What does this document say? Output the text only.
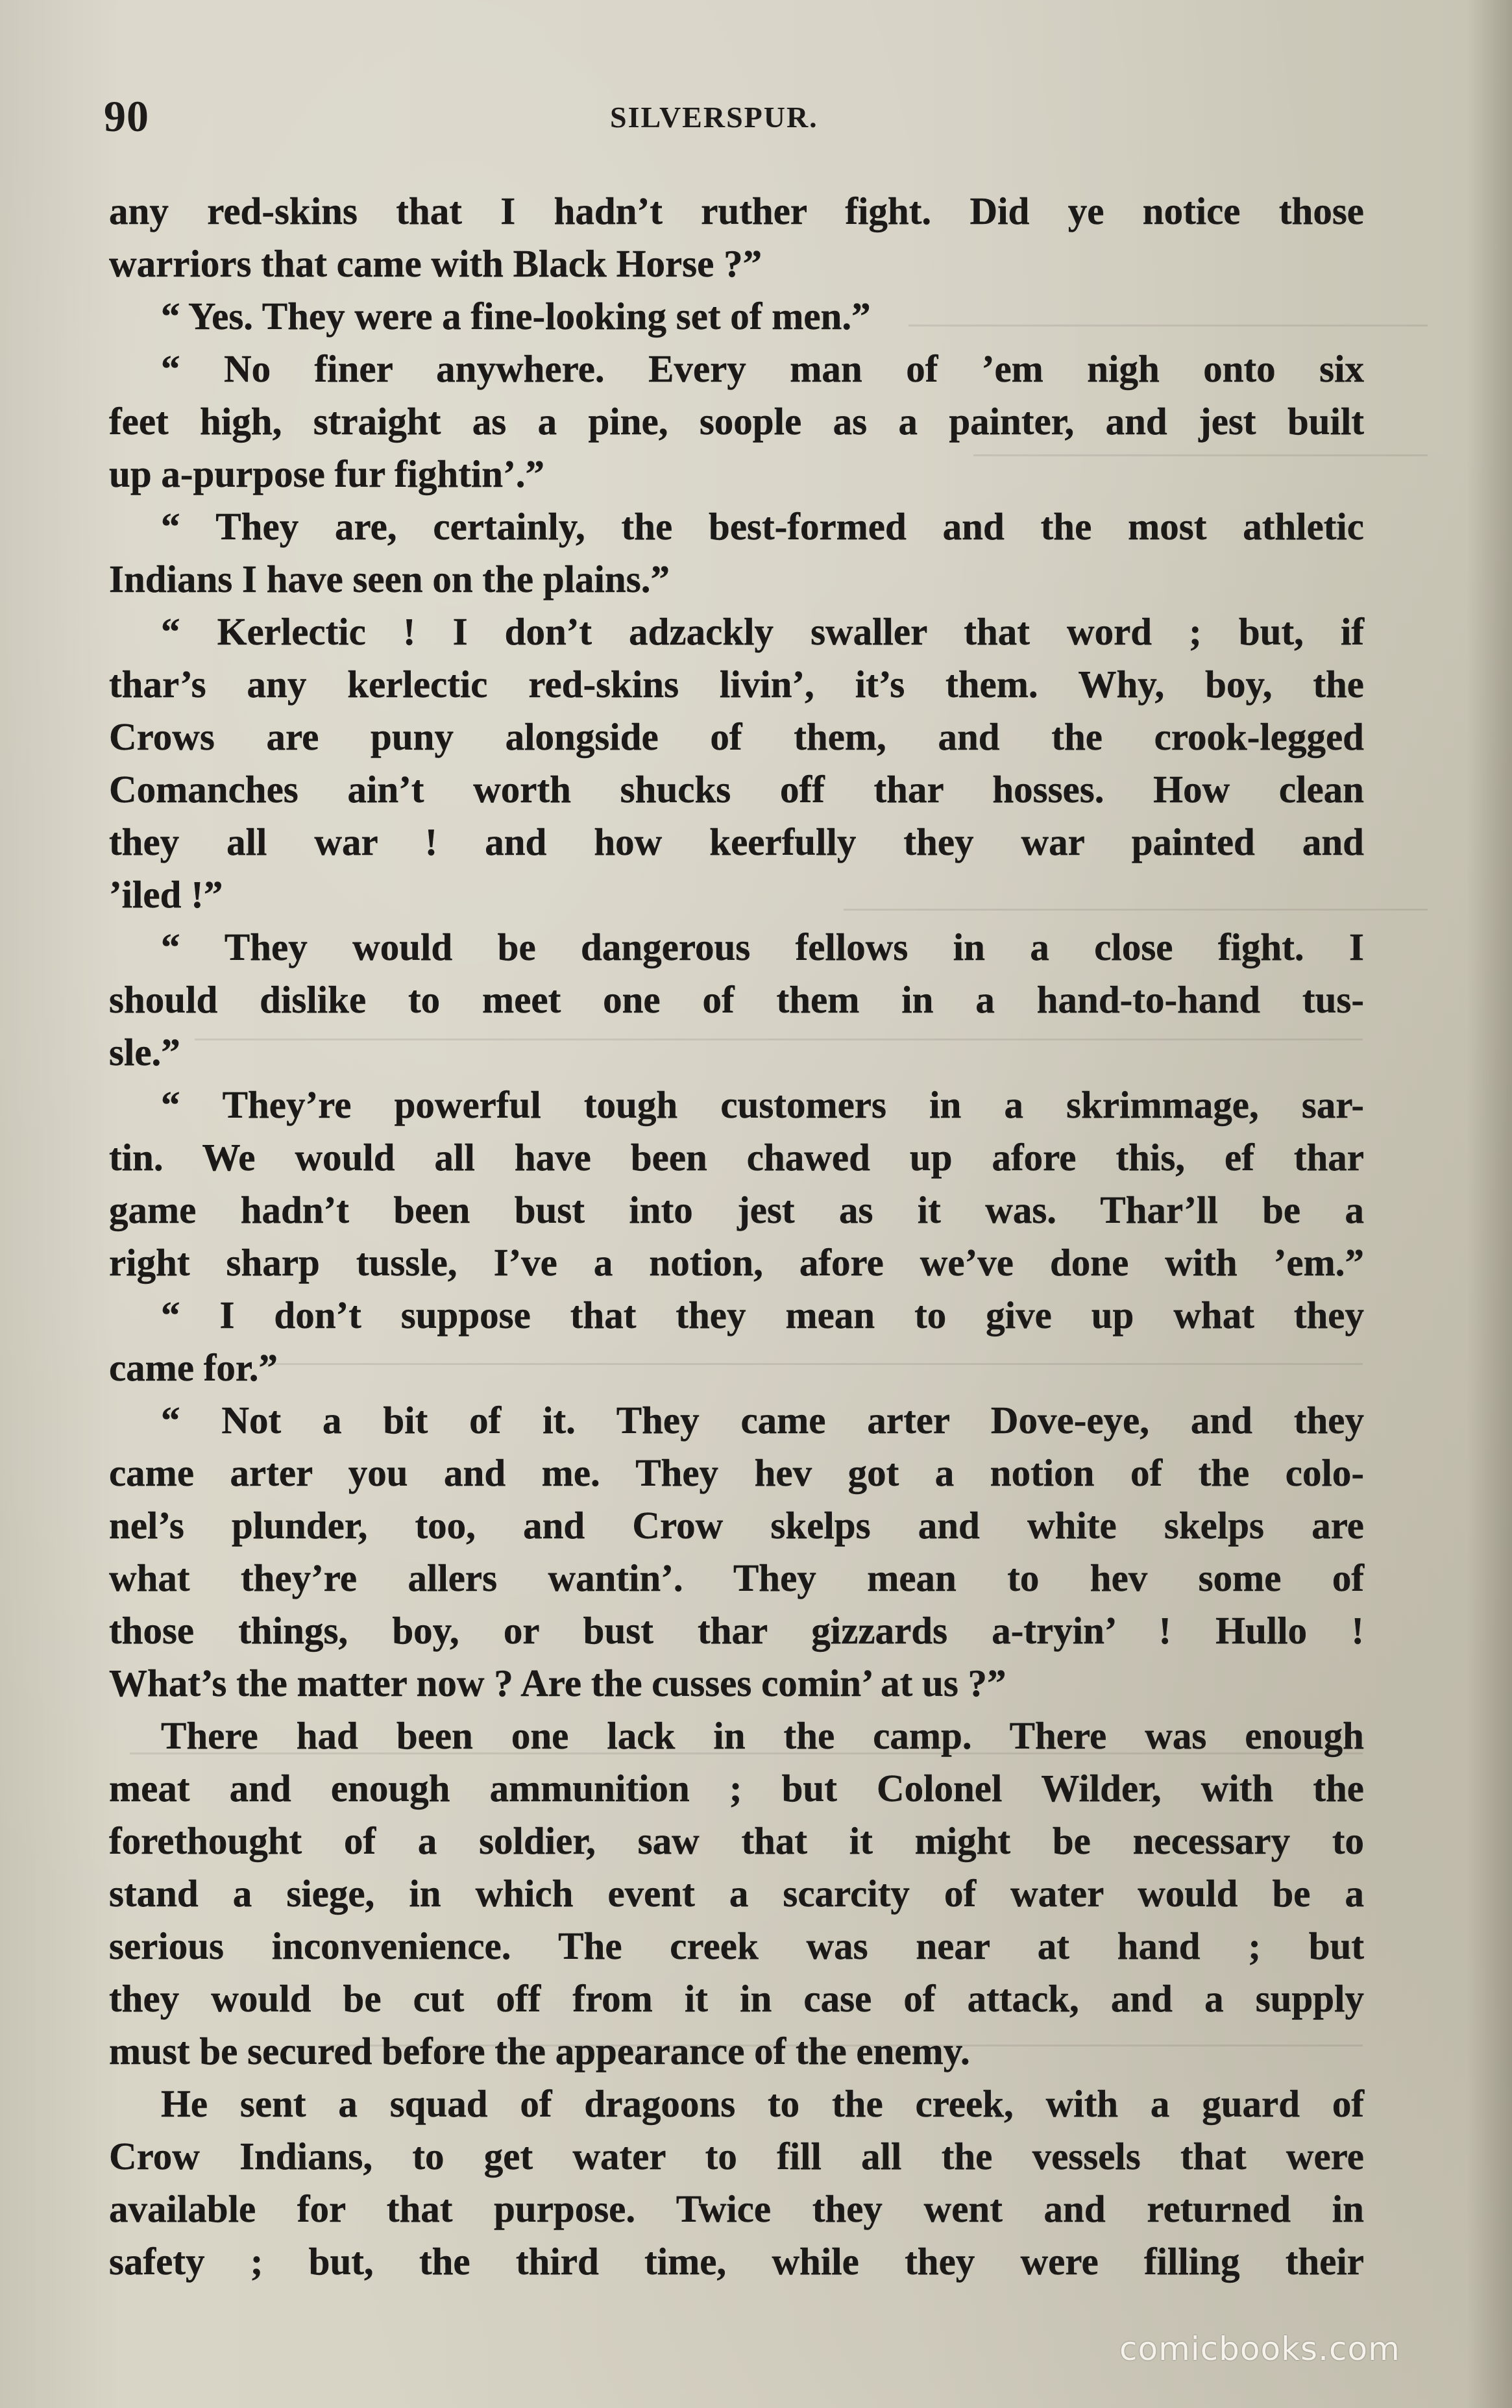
90	SILVERSPUR.
any red-skins that I hadn’t ruther fight. Did ye notice those
warriors that came with Black Horse ?”
“ Yes. They were a fine-looking set of men.”
“ No finer anywhere. Every man of ’em nigh onto six
feet high, straight as a pine, soople as a painter, and jest built
up a-purpose fur fightin’.”
“ They are, certainly, the best-formed and the most athletic
Indians I have seen on the plains.”
“ Kerlectic ! I don’t adzackly swaller that word ; but, if
thar’s any kerlectic red-skins livin’, it’s them. Why, boy, the
Crows are puny alongside of them, and the crook-legged
Comanches ain’t worth shucks off thar hosses. How clean
they all war ! and how keerfully they war painted and
’iled !”
“ They would be dangerous fellows in a close fight. I
should dislike to meet one of them in a hand-to-hand tus-
sle.”
“ They’re powerful tough customers in a skrimmage, sar-
tin. We would all have been chawed up afore this, ef thar
game hadn’t been bust into jest as it was. Thar’ll be a
right sharp tussle, I’ve a notion, afore we’ve done with ’em.”
“ I don’t suppose that they mean to give up what they
came for.”
“ Not a bit of it. They came arter Dove-eye, and they
came arter you and me. They hev got a notion of the colo-
nel’s plunder, too, and Crow skelps and white skelps are
what they’re allers wantin’. They mean to hev some of
those things, boy, or bust thar gizzards a-tryin’ ! Hullo !
What’s the matter now ? Are the cusses comin’ at us ?”
There had been one lack in the camp. There was enough
meat and enough ammunition ; but Colonel Wilder, with the
forethought of a soldier, saw that it might be necessary to
stand a siege, in which event a scarcity of water would be a
serious inconvenience. The creek was near at hand ; but
they would be cut off from it in case of attack, and a supply
must be secured before the appearance of the enemy.
He sent a squad of dragoons to the creek, with a guard of
Crow Indians, to get water to fill all the vessels that were
available for that purpose. Twice they went and returned in
safety ; but, the third time, while they were filling their
comicbooks.com
